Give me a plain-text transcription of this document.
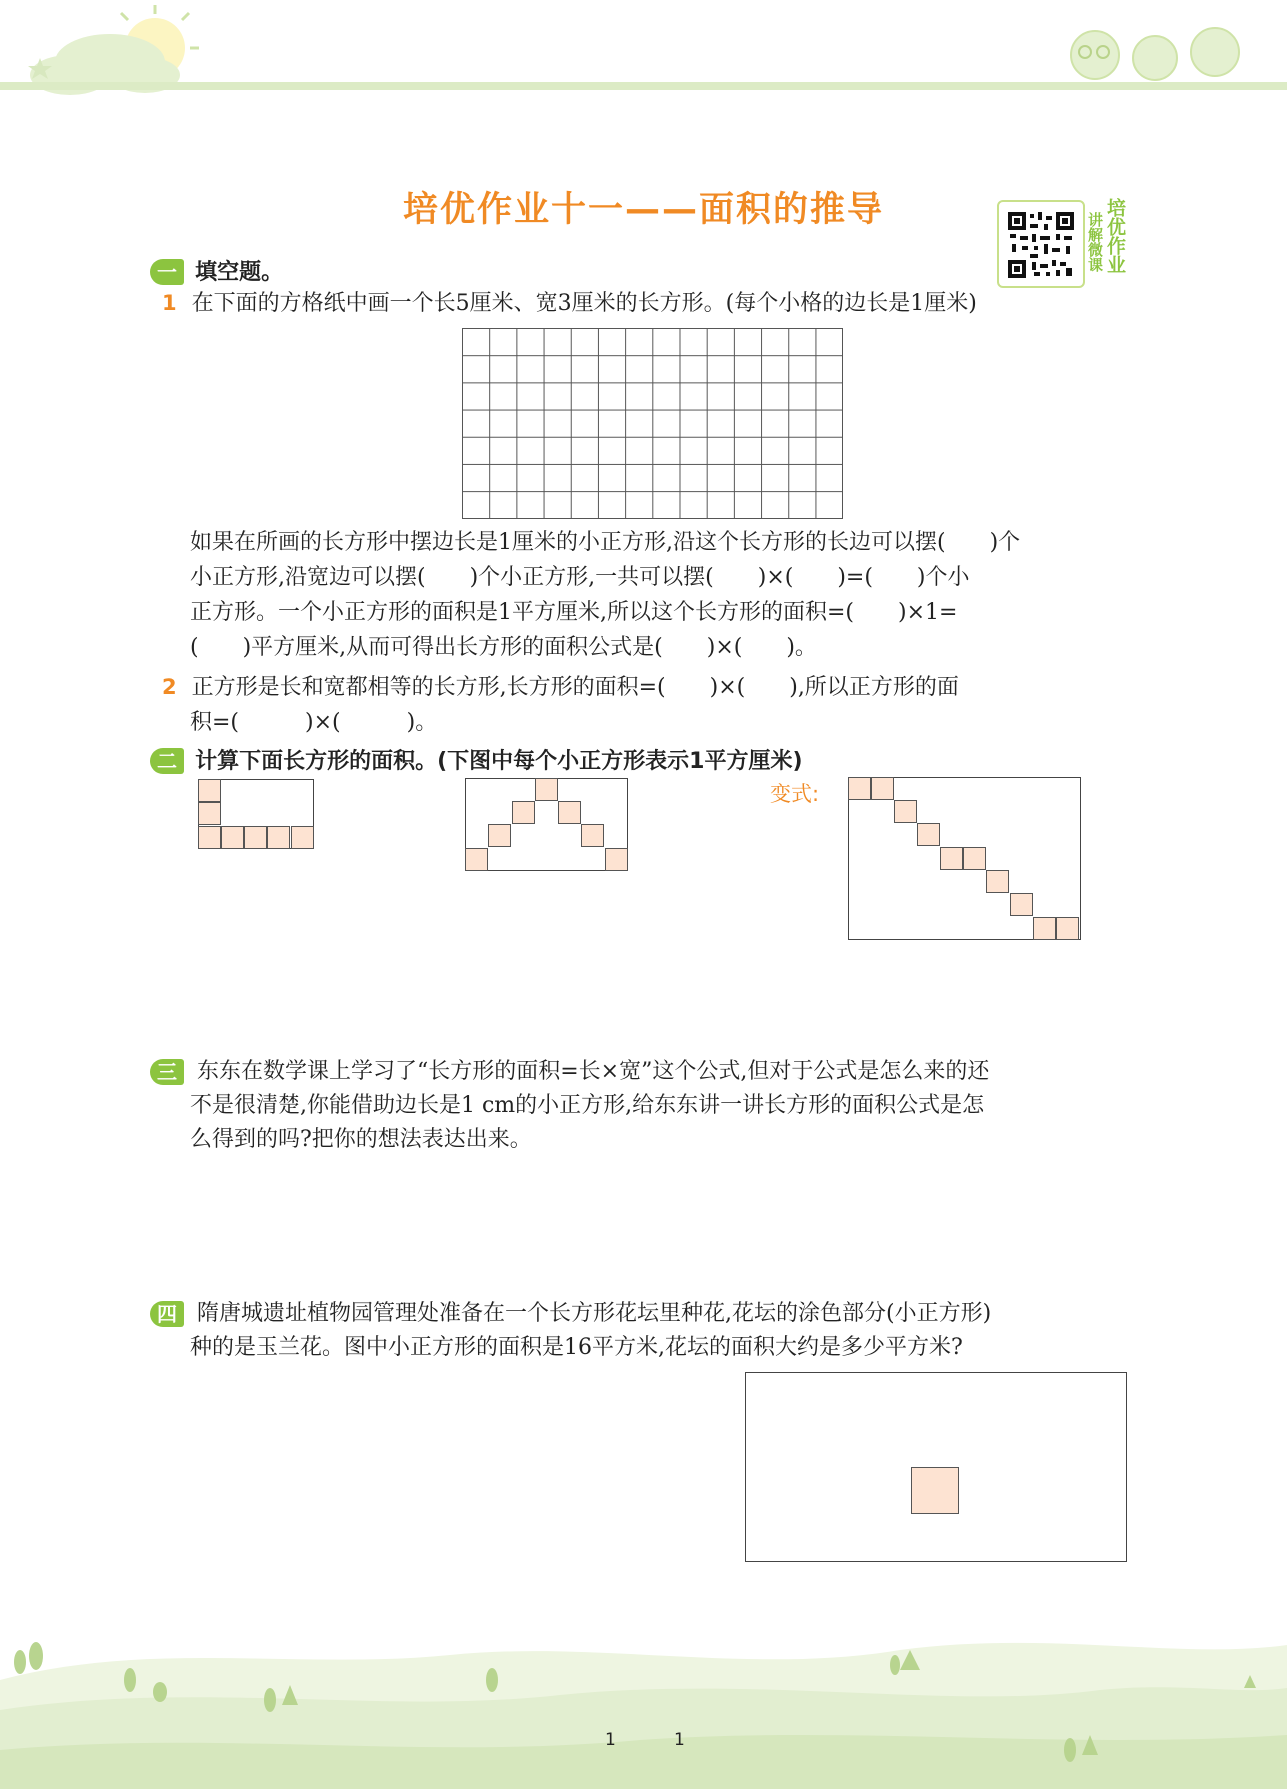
培优作业十一——面积的推导	培优作业
讲解微课
一 填空题。
1 在下面的方格纸中画一个长5厘米、宽3厘米的长方形。(每个小格的边长是1厘米)
如果在所画的长方形中摆边长是1厘米的小正方形,沿这个长方形的长边可以摆(　　)个
小正方形,沿宽边可以摆(　　)个小正方形,一共可以摆(　　)×(　　)=(　　)个小
正方形。一个小正方形的面积是1平方厘米,所以这个长方形的面积=(　　)×1=
(　　)平方厘米,从而可得出长方形的面积公式是(　　)×(　　)。
2 正方形是长和宽都相等的长方形,长方形的面积=(　　)×(　　),所以正方形的面
积=(　　　)×(　　　)。
二 计算下面长方形的面积。(下图中每个小正方形表示1平方厘米)
变式:
三 东东在数学课上学习了“长方形的面积=长×宽”这个公式,但对于公式是怎么来的还
不是很清楚,你能借助边长是1 cm的小正方形,给东东讲一讲长方形的面积公式是怎
么得到的吗?把你的想法表达出来。
四 隋唐城遗址植物园管理处准备在一个长方形花坛里种花,花坛的涂色部分(小正方形)
种的是玉兰花。图中小正方形的面积是16平方米,花坛的面积大约是多少平方米?
1	1
